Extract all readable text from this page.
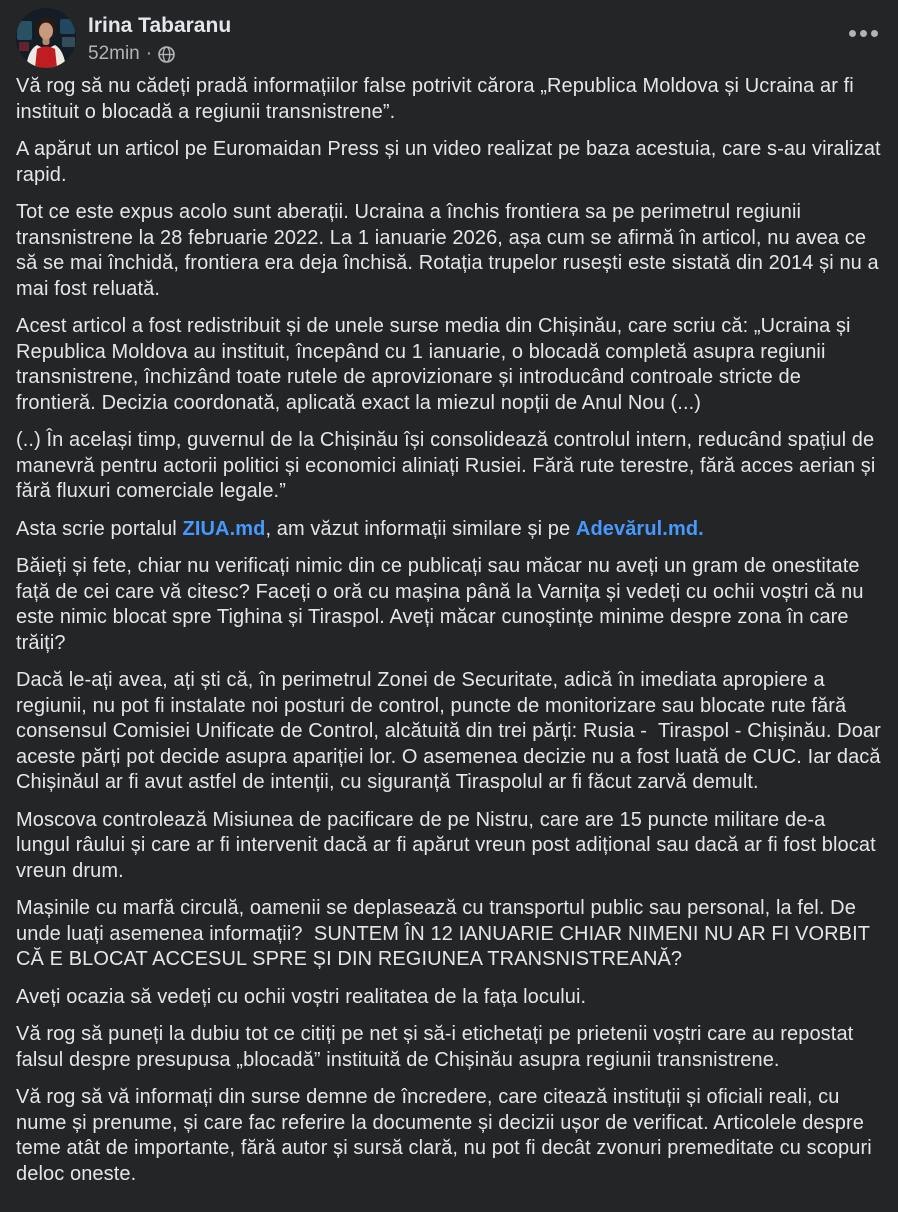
Irina Tabaranu
52min ·

Vă rog să nu cădeți pradă informațiilor false potrivit cărora „Republica Moldova și Ucraina ar fi instituit o blocadă a regiunii transnistrene”.

A apărut un articol pe Euromaidan Press și un video realizat pe baza acestuia, care s-au viralizat rapid.

Tot ce este expus acolo sunt aberații. Ucraina a închis frontiera sa pe perimetrul regiunii transnistrene la 28 februarie 2022. La 1 ianuarie 2026, așa cum se afirmă în articol, nu avea ce să se mai închidă, frontiera era deja închisă. Rotația trupelor rusești este sistată din 2014 și nu a mai fost reluată.

Acest articol a fost redistribuit și de unele surse media din Chișinău, care scriu că: „Ucraina și Republica Moldova au instituit, începând cu 1 ianuarie, o blocadă completă asupra regiunii transnistrene, închizând toate rutele de aprovizionare și introducând controale stricte de frontieră. Decizia coordonată, aplicată exact la miezul nopții de Anul Nou (...)

(..) În același timp, guvernul de la Chișinău își consolidează controlul intern, reducând spațiul de manevră pentru actorii politici și economici aliniați Rusiei. Fără rute terestre, fără acces aerian și fără fluxuri comerciale legale.”

Asta scrie portalul ZIUA.md, am văzut informații similare și pe Adevărul.md.

Băieți și fete, chiar nu verificați nimic din ce publicați sau măcar nu aveți un gram de onestitate față de cei care vă citesc? Faceți o oră cu mașina până la Varnița și vedeți cu ochii voștri că nu este nimic blocat spre Tighina și Tiraspol. Aveți măcar cunoștințe minime despre zona în care trăiți?

Dacă le-ați avea, ați ști că, în perimetrul Zonei de Securitate, adică în imediata apropiere a regiunii, nu pot fi instalate noi posturi de control, puncte de monitorizare sau blocate rute fără consensul Comisiei Unificate de Control, alcătuită din trei părți: Rusia -  Tiraspol - Chișinău. Doar aceste părți pot decide asupra apariției lor. O asemenea decizie nu a fost luată de CUC. Iar dacă Chișinăul ar fi avut astfel de intenții, cu siguranță Tiraspolul ar fi făcut zarvă demult.

Moscova controlează Misiunea de pacificare de pe Nistru, care are 15 puncte militare de-a lungul râului și care ar fi intervenit dacă ar fi apărut vreun post adițional sau dacă ar fi fost blocat vreun drum.

Mașinile cu marfă circulă, oamenii se deplasează cu transportul public sau personal, la fel. De unde luați asemenea informații?  SUNTEM ÎN 12 IANUARIE CHIAR NIMENI NU AR FI VORBIT CĂ E BLOCAT ACCESUL SPRE ȘI DIN REGIUNEA TRANSNISTREANĂ?

Aveți ocazia să vedeți cu ochii voștri realitatea de la fața locului.

Vă rog să puneți la dubiu tot ce citiți pe net și să-i etichetați pe prietenii voștri care au repostat falsul despre presupusa „blocadă” instituită de Chișinău asupra regiunii transnistrene.

Vă rog să vă informați din surse demne de încredere, care citează instituții și oficiali reali, cu nume și prenume, și care fac referire la documente și decizii ușor de verificat. Articolele despre teme atât de importante, fără autor și sursă clară, nu pot fi decât zvonuri premeditate cu scopuri deloc oneste.
